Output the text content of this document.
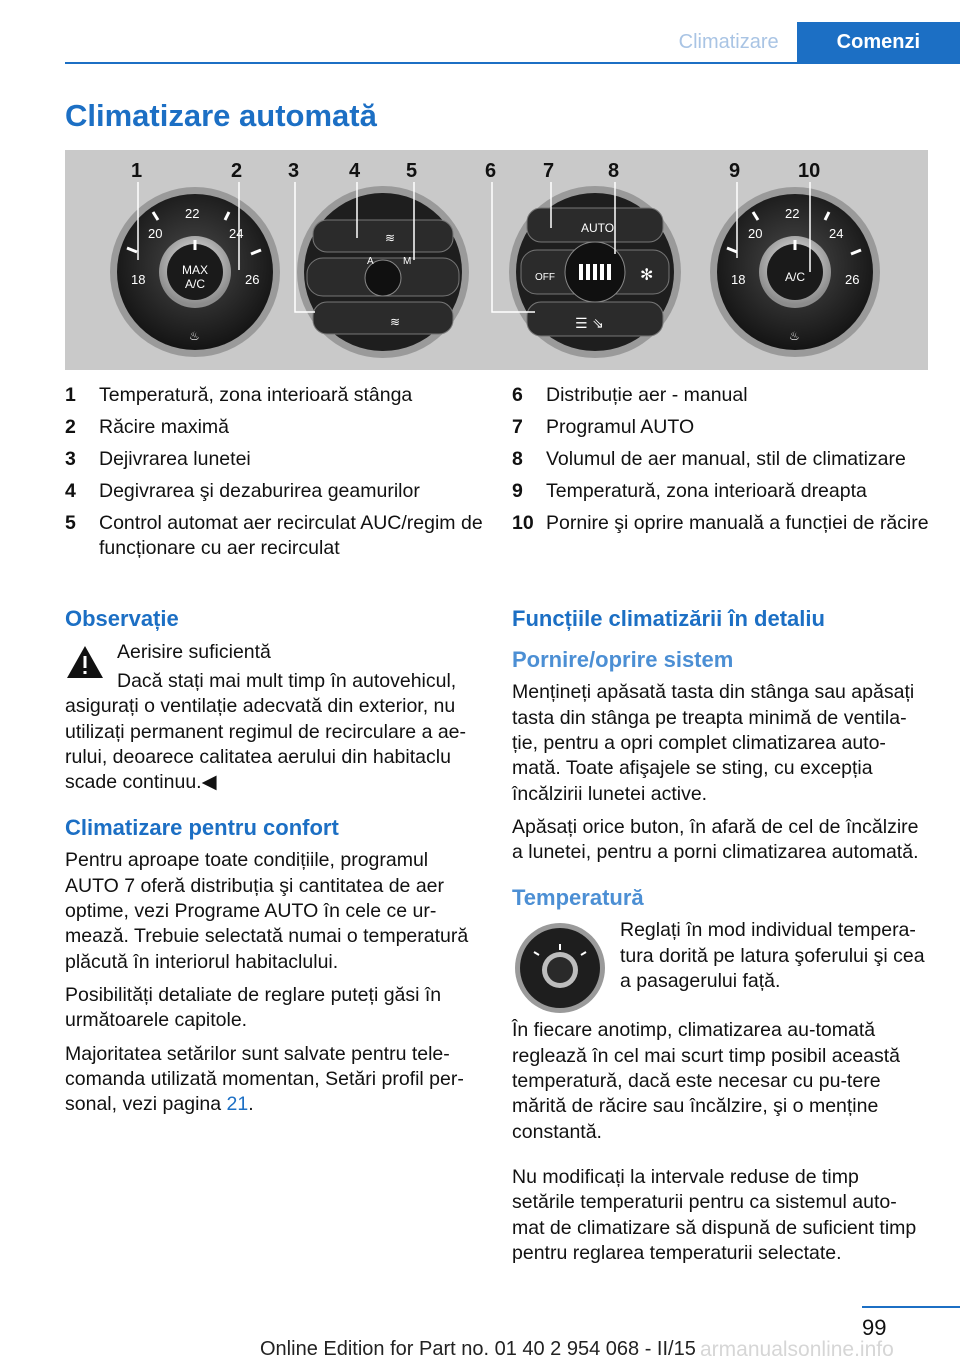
Climatizare	Comenzi
Climatizare automată
MAX
A/C
20
22
24
18	26
♨
≋
A	M
≋
AUTO
OFF	✻
☰ ⇘
A/C
20
22
24
18	26
♨
1	2 3 4 5	6 7	8	9	10
1	Temperatură, zona interioară stânga
2	Răcire maximă
3	Dejivrarea lunetei
4	Degivrarea şi dezaburirea geamurilor
5	Control automat aer recirculat AUC/regim de funcționare cu aer recirculat
6	Distribuție aer - manual
7	Programul AUTO
8	Volumul de aer manual, stil de climatizare
9	Temperatură, zona interioară dreapta
10 Pornire şi oprire manuală a funcției de răcire
Observație

Aerisire suficientă

Dacă stați mai mult timp în autovehicul, asigurați o ventilație adecvată din exterior, nu utilizați permanent regimul de recirculare a ae-rului, deoarece calitatea aerului din habitaclu scade continuu.◀

Climatizare pentru confort

Pentru aproape toate condițiile, programul AUTO 7 oferă distribuția şi cantitatea de aer optime, vezi Programe AUTO în cele ce ur-mează. Trebuie selectată numai o temperatură plăcută în interiorul habitaclului.

Posibilități detaliate de reglare puteți găsi în următoarele capitole.

Majoritatea setărilor sunt salvate pentru tele-comanda utilizată momentan, Setări profil per-sonal, vezi pagina 21.

Funcțiile climatizării în detaliu
Pornire/oprire sistem

Mențineți apăsată tasta din stânga sau apăsați tasta din stânga pe treapta minimă de ventila-ție, pentru a opri complet climatizarea auto-mată. Toate afişajele se sting, cu excepția încălzirii lunetei active.

Apăsați orice buton, în afară de cel de încălzire a lunetei, pentru a porni climatizarea automată.

Temperatură

Reglați în mod individual tempera-tura dorită pe latura şoferului şi cea a pasagerului față.

În fiecare anotimp, climatizarea au-tomată reglează în cel mai scurt timp posibil această temperatură, dacă este necesar cu pu-tere mărită de răcire sau încălzire, şi o menține constantă.

Nu modificați la intervale reduse de timp setările temperaturii pentru ca sistemul auto-mat de climatizare să dispună de suficient timp pentru reglarea temperaturii selectate.

99
Online Edition for Part no. 01 40 2 954 068 - II/15 armanualsonline.info
